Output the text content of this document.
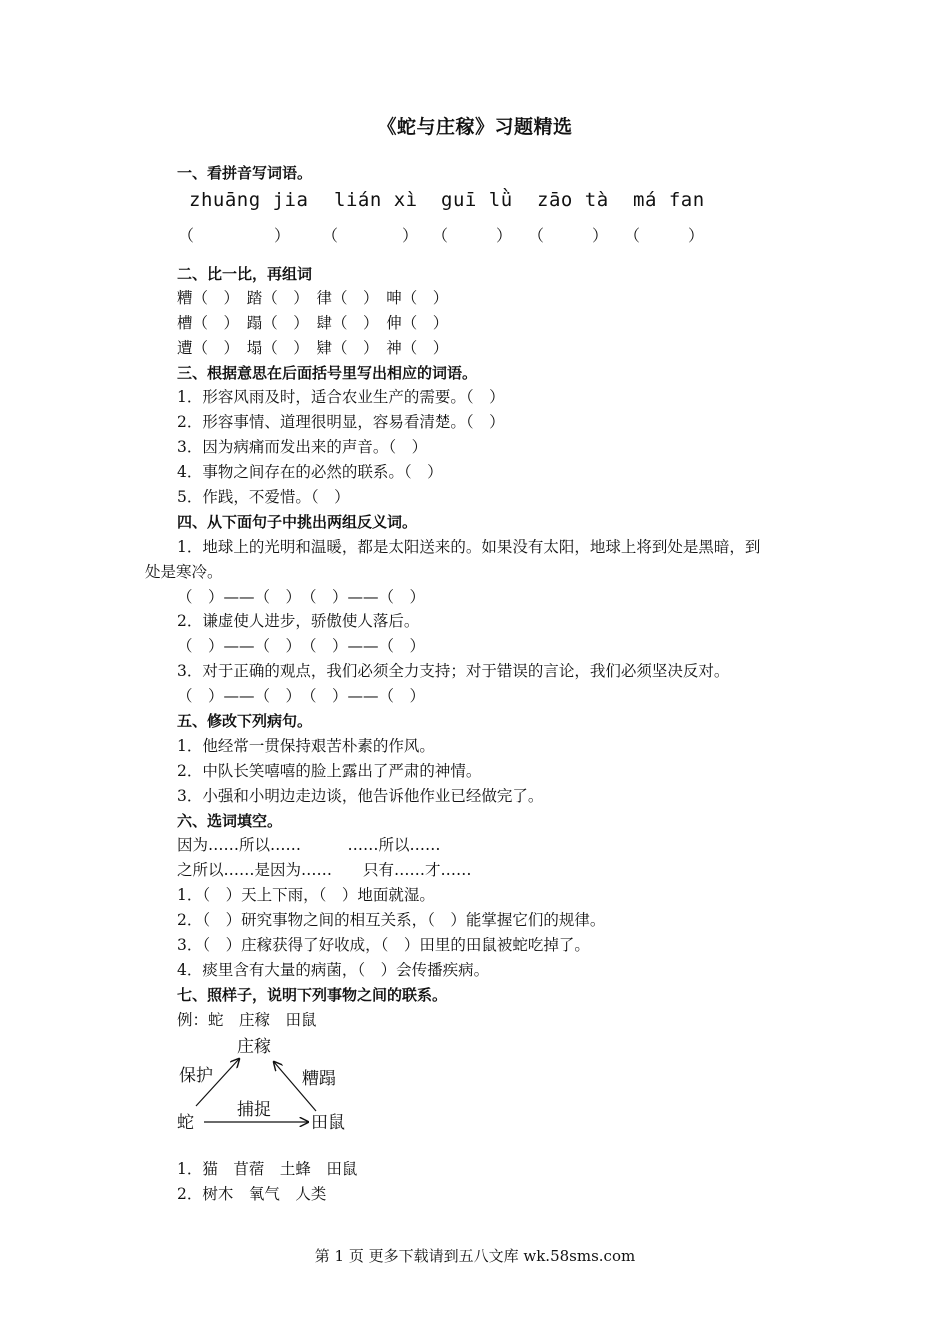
《蛇与庄稼》习题精选
一、看拼音写词语。
zhuāng jia lián xì guī lǜ zāo tà má fan
（　　　　　） （　　　　） （　　　） （　　　） （　　　）
二、比一比，再组词
糟（　）　踏（　）　律（　）　呻（　）
槽（　）　蹋（　）　肆（　）　伸（　）
遭（　）　塌（　）　肄（　）　神（　）
三、根据意思在后面括号里写出相应的词语。
1．形容风雨及时，适合农业生产的需要。（　）
2．形容事情、道理很明显，容易看清楚。（　）
3．因为病痛而发出来的声音。（　）
4．事物之间存在的必然的联系。（　）
5．作践，不爱惜。（　）
四、从下面句子中挑出两组反义词。
1．地球上的光明和温暖，都是太阳送来的。如果没有太阳，地球上将到处是黑暗，到
处是寒冷。
（　）——（　）　（　）——（　）
2．谦虚使人进步，骄傲使人落后。
（　）——（　）　（　）——（　）
3．对于正确的观点，我们必须全力支持；对于错误的言论，我们必须坚决反对。
（　）——（　）　（　）——（　）
五、修改下列病句。
1．他经常一贯保持艰苦朴素的作风。
2．中队长笑嘻嘻的脸上露出了严肃的神情。
3．小强和小明边走边谈，他告诉他作业已经做完了。
六、选词填空。
因为……所以……　　　……所以……
之所以……是因为……　　只有……才……
1．（　）天上下雨，（　）地面就湿。
2．（　）研究事物之间的相互关系，（　）能掌握它们的规律。
3．（　）庄稼获得了好收成，（　）田里的田鼠被蛇吃掉了。
4．痰里含有大量的病菌，（　）会传播疾病。
七、照样子，说明下列事物之间的联系。
例：蛇　庄稼　田鼠
庄稼
保护	糟蹋
捕捉
蛇	田鼠
1．猫　苜蓿　土蜂　田鼠
2．树木　氧气　人类
第 1 页 更多下载请到五八文库 wk.58sms.com
